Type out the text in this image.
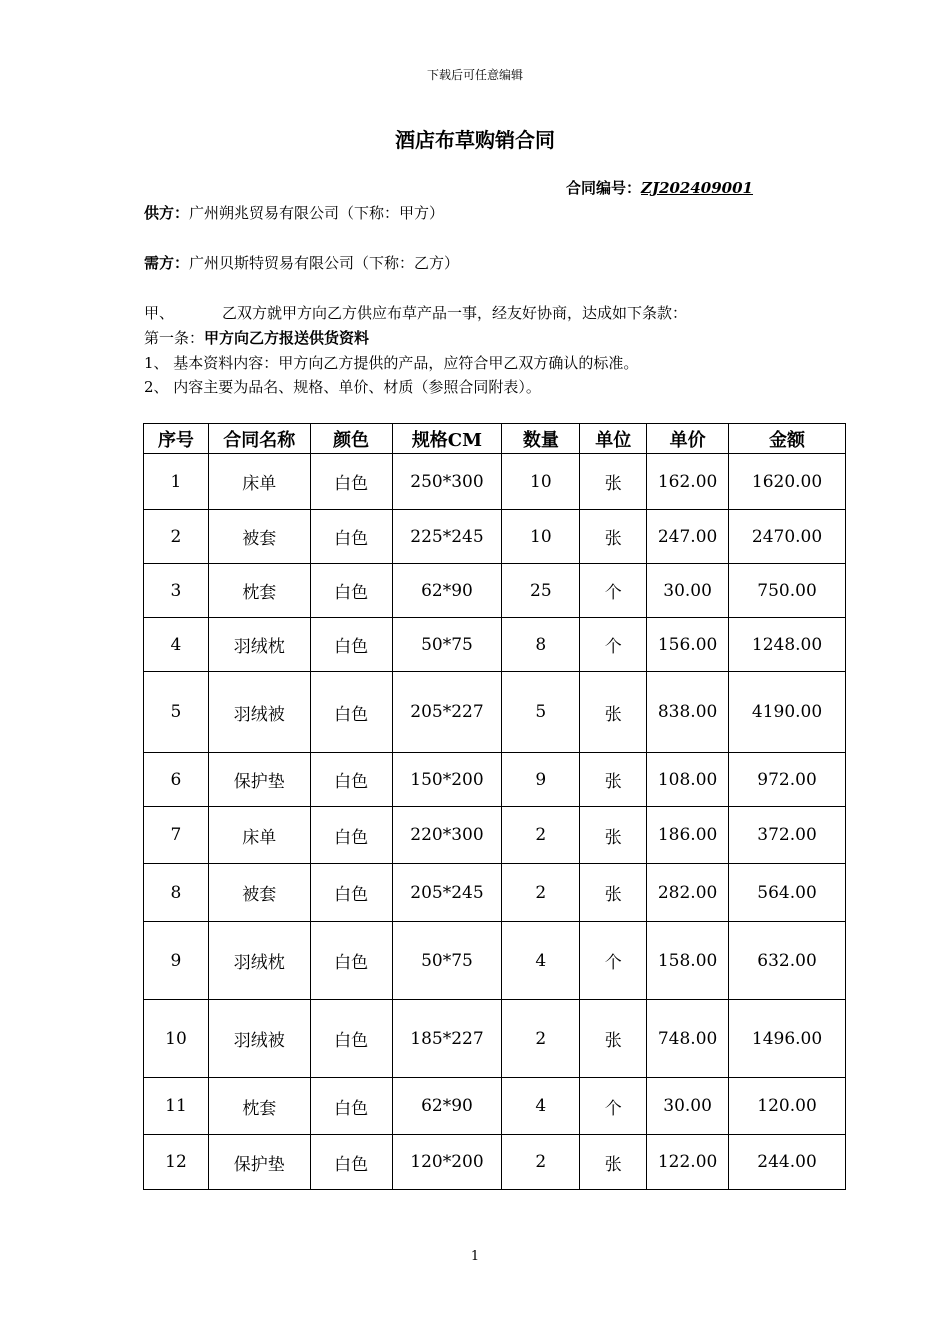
下载后可任意编辑
酒店布草购销合同
合同编号：ZJ202409001
供方：广州朔兆贸易有限公司（下称：甲方）
需方：广州贝斯特贸易有限公司（下称：乙方）
甲、	乙双方就甲方向乙方供应布草产品一事，经友好协商，达成如下条款：
第一条：甲方向乙方报送供货资料
1、 基本资料内容：甲方向乙方提供的产品，应符合甲乙双方确认的标准。
2、 内容主要为品名、规格、单价、材质（参照合同附表）。
序号	合同名称	颜色	规格CM	数量	单位	单价	金额
1	床单	白色	250*300	10	张	162.00	1620.00
2	被套	白色	225*245	10	张	247.00	2470.00
3	枕套	白色	62*90	25	个	30.00	750.00
4	羽绒枕	白色	50*75	8	个	156.00	1248.00
5	羽绒被	白色	205*227	5	张	838.00	4190.00
6	保护垫	白色	150*200	9	张	108.00	972.00
7	床单	白色	220*300	2	张	186.00	372.00
8	被套	白色	205*245	2	张	282.00	564.00
9	羽绒枕	白色	50*75	4	个	158.00	632.00
10	羽绒被	白色	185*227	2	张	748.00	1496.00
11	枕套	白色	62*90	4	个	30.00	120.00
12	保护垫	白色	120*200	2	张	122.00	244.00
1
